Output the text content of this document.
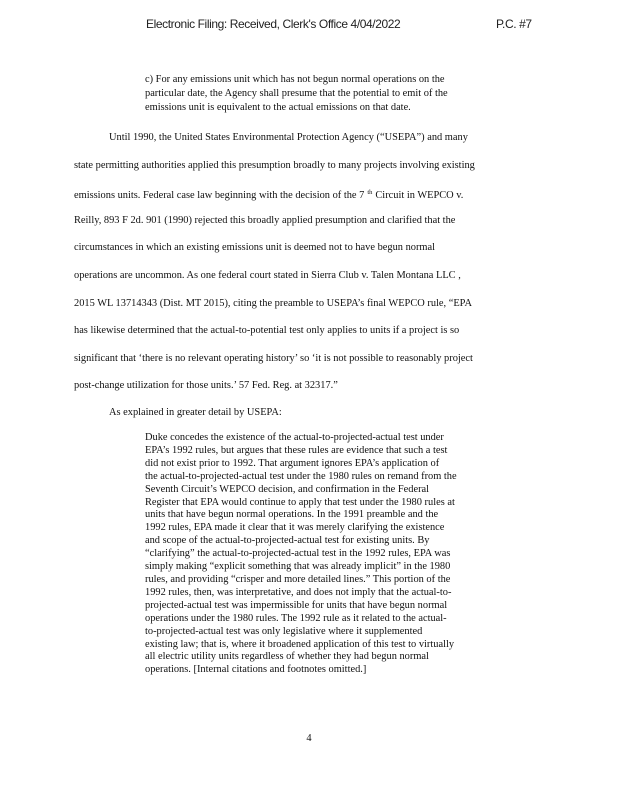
Electronic Filing: Received, Clerk's Office 4/04/2022	P.C. #7
c) For any emissions unit which has not begun normal operations on the
particular date, the Agency shall presume that the potential to emit of the
emissions unit is equivalent to the actual emissions on that date.
Until 1990, the United States Environmental Protection Agency (“USEPA”) and many
state permitting authorities applied this presumption broadly to many projects involving existing
emissions units. Federal case law beginning with the decision of the 7 $^{th}$ Circuit in WEPCO v.
Reilly, 893 F 2d. 901 (1990) rejected this broadly applied presumption and clarified that the
circumstances in which an existing emissions unit is deemed not to have begun normal
operations are uncommon. As one federal court stated in Sierra Club v. Talen Montana LLC ,
2015 WL 13714343 (Dist. MT 2015), citing the preamble to USEPA’s final WEPCO rule, “EPA
has likewise determined that the actual-to-potential test only applies to units if a project is so
significant that ‘there is no relevant operating history’ so ‘it is not possible to reasonably project
post-change utilization for those units.’ 57 Fed. Reg. at 32317.”
As explained in greater detail by USEPA:
Duke concedes the existence of the actual-to-projected-actual test under
EPA’s 1992 rules, but argues that these rules are evidence that such a test
did not exist prior to 1992. That argument ignores EPA’s application of
the actual-to-projected-actual test under the 1980 rules on remand from the
Seventh Circuit’s WEPCO decision, and confirmation in the Federal
Register that EPA would continue to apply that test under the 1980 rules at
units that have begun normal operations. In the 1991 preamble and the
1992 rules, EPA made it clear that it was merely clarifying the existence
and scope of the actual-to-projected-actual test for existing units. By
“clarifying” the actual-to-projected-actual test in the 1992 rules, EPA was
simply making “explicit something that was already implicit” in the 1980
rules, and providing “crisper and more detailed lines.” This portion of the
1992 rules, then, was interpretative, and does not imply that the actual-to-
projected-actual test was impermissible for units that have begun normal
operations under the 1980 rules. The 1992 rule as it related to the actual-
to-projected-actual test was only legislative where it supplemented
existing law; that is, where it broadened application of this test to virtually
all electric utility units regardless of whether they had begun normal
operations. [Internal citations and footnotes omitted.]
4
